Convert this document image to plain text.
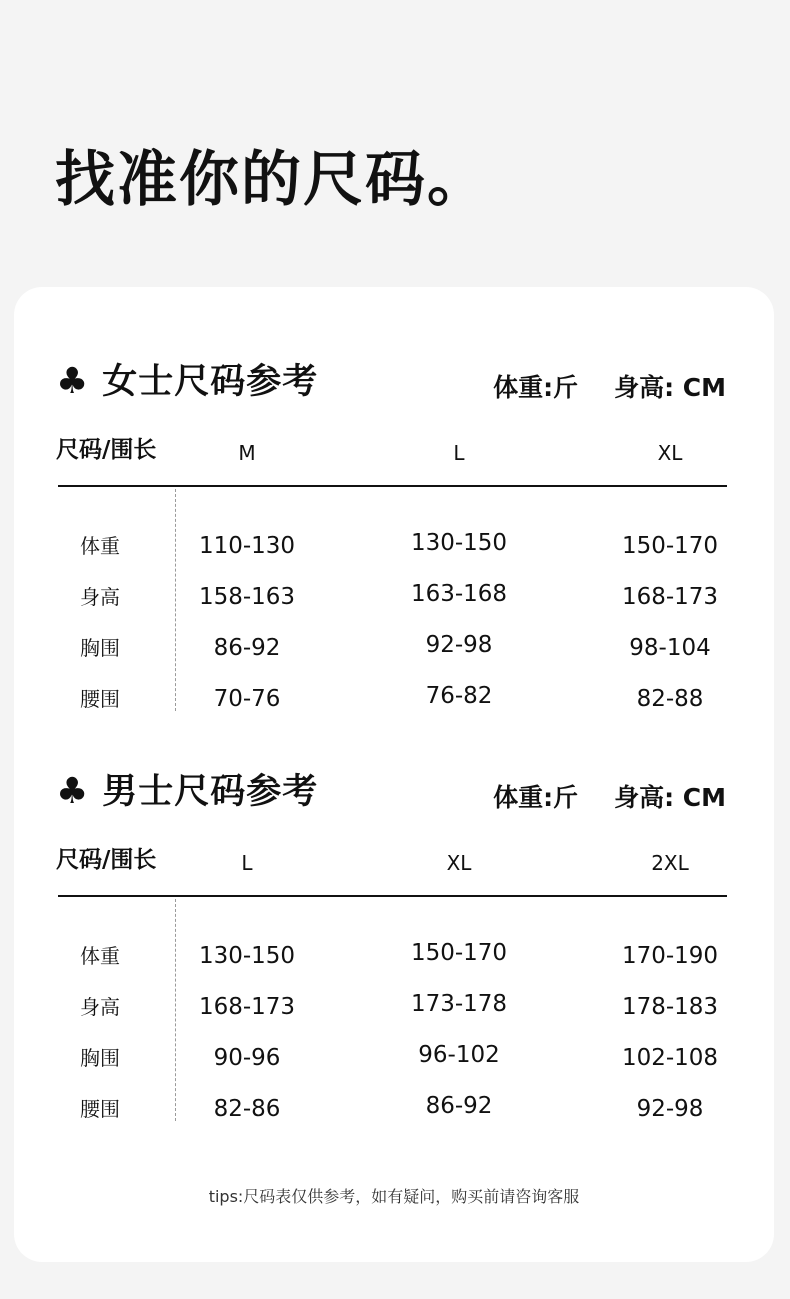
找准你的尺码。
♣ 女士尺码参考	体重:斤 身高: CM
尺码/围长	M	L	XL
体重	110-130	130-150	150-170
身高	158-163	163-168	168-173
胸围	86-92	92-98	98-104
腰围	70-76	76-82	82-88
♣ 男士尺码参考	体重:斤 身高: CM
尺码/围长	L	XL	2XL
体重	130-150	150-170	170-190
身高	168-173	173-178	178-183
胸围	90-96	96-102	102-108
腰围	82-86	86-92	92-98
tips:尺码表仅供参考，如有疑问，购买前请咨询客服
